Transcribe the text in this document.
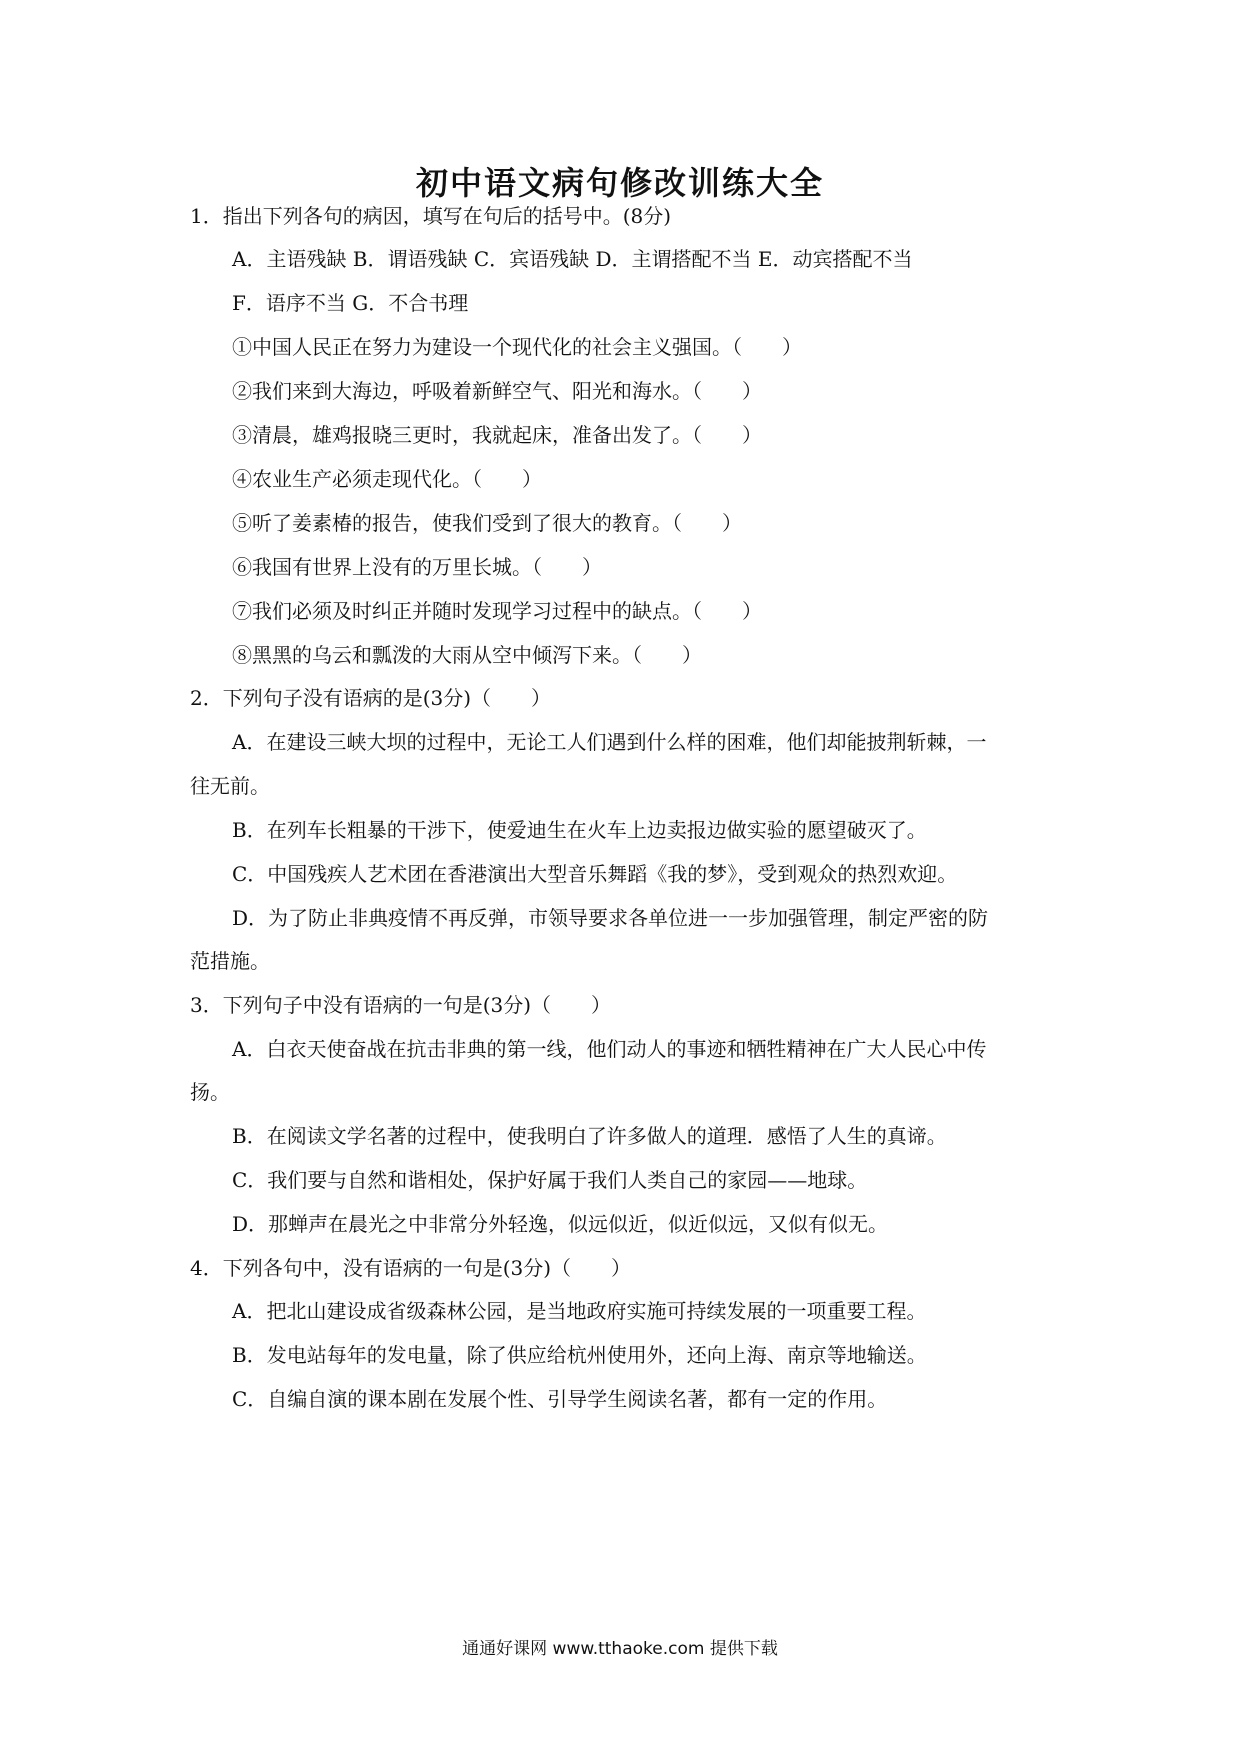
初中语文病句修改训练大全
1．指出下列各句的病因，填写在句后的括号中。(8分)
A．主语残缺 B．谓语残缺 C．宾语残缺 D．主谓搭配不当 E．动宾搭配不当
F．语序不当 G．不合书理
①中国人民正在努力为建设一个现代化的社会主义强国。（　　）
②我们来到大海边，呼吸着新鲜空气、阳光和海水。（　　）
③清晨，雄鸡报晓三更时，我就起床，准备出发了。（　　）
④农业生产必须走现代化。（　　）
⑤听了姜素椿的报告，使我们受到了很大的教育。（　　）
⑥我国有世界上没有的万里长城。（　　）
⑦我们必须及时纠正并随时发现学习过程中的缺点。（　　）
⑧黑黑的乌云和瓢泼的大雨从空中倾泻下来。（　　）
2．下列句子没有语病的是(3分)（　　）
A．在建设三峡大坝的过程中，无论工人们遇到什么样的困难，他们却能披荆斩棘，一
往无前。
B．在列车长粗暴的干涉下，使爱迪生在火车上边卖报边做实验的愿望破灭了。
C．中国残疾人艺术团在香港演出大型音乐舞蹈《我的梦》，受到观众的热烈欢迎。
D．为了防止非典疫情不再反弹，市领导要求各单位进一一步加强管理，制定严密的防
范措施。
3．下列句子中没有语病的一句是(3分)（　　）
A．白衣天使奋战在抗击非典的第一线，他们动人的事迹和牺牲精神在广大人民心中传
扬。
B．在阅读文学名著的过程中，使我明白了许多做人的道理．感悟了人生的真谛。
C．我们要与自然和谐相处，保护好属于我们人类自己的家园——地球。
D．那蝉声在晨光之中非常分外轻逸，似远似近，似近似远，又似有似无。
4．下列各句中，没有语病的一句是(3分)（　　）
A．把北山建设成省级森林公园，是当地政府实施可持续发展的一项重要工程。
B．发电站每年的发电量，除了供应给杭州使用外，还向上海、南京等地输送。
C．自编自演的课本剧在发展个性、引导学生阅读名著，都有一定的作用。
通通好课网 www.tthaoke.com 提供下载
